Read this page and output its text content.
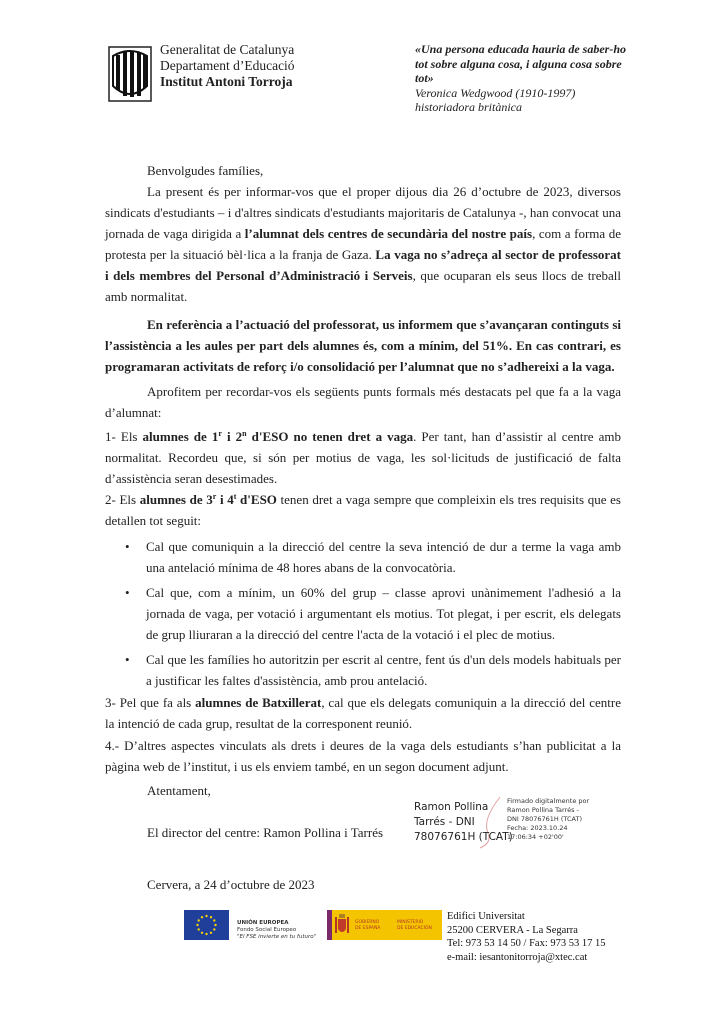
Generalitat de Catalunya
Departament d’Educació
Institut Antoni Torroja
«Una persona educada hauria de saber-ho tot sobre alguna cosa, i alguna cosa sobre tot»
Veronica Wedgwood (1910-1997)
historiadora britànica
Benvolgudes famílies,
La present és per informar-vos que el proper dijous dia 26 d’octubre de 2023, diversos sindicats d'estudiants – i d'altres sindicats d'estudiants majoritaris de Catalunya -, han convocat una jornada de vaga dirigida a l’alumnat dels centres de secundària del nostre país, com a forma de protesta per la situació bèl·lica a la franja de Gaza. La vaga no s’adreça al sector de professorat i dels membres del Personal d’Administració i Serveis, que ocuparan els seus llocs de treball amb normalitat.
En referència a l’actuació del professorat, us informem que s’avançaran continguts si l’assistència a les aules per part dels alumnes és, com a mínim, del 51%. En cas contrari, es programaran activitats de reforç i/o consolidació per l’alumnat que no s’adhereixi a la vaga.
Aprofitem per recordar-vos els següents punts formals més destacats pel que fa a la vaga d’alumnat:
1- Els alumnes de 1$^r$ i 2$^n$ d'ESO no tenen dret a vaga. Per tant, han d’assistir al centre amb normalitat. Recordeu que, si són per motius de vaga, les sol·licituds de justificació de falta d’assistència seran desestimades.
2- Els alumnes de 3$^r$ i 4$^t$ d'ESO tenen dret a vaga sempre que compleixin els tres requisits que es detallen tot seguit:
• Cal que comuniquin a la direcció del centre la seva intenció de dur a terme la vaga amb una antelació mínima de 48 hores abans de la convocatòria.
• Cal que, com a mínim, un 60% del grup – classe aprovi unànimement l'adhesió a la jornada de vaga, per votació i argumentant els motius. Tot plegat, i per escrit, els delegats de grup lliuraran a la direcció del centre l'acta de la votació i el plec de motius.
• Cal que les famílies ho autoritzin per escrit al centre, fent ús d'un dels models habituals per a justificar les faltes d'assistència, amb prou antelació.
3- Pel que fa als alumnes de Batxillerat, cal que els delegats comuniquin a la direcció del centre la intenció de cada grup, resultat de la corresponent reunió.
4.- D’altres aspectes vinculats als drets i deures de la vaga dels estudiants s’han publicitat a la pàgina web de l’institut, i us els enviem també, en un segon document adjunt.
Atentament,
El director del centre: Ramon Pollina i Tarrés
Ramon Pollina
Tarrés - DNI
78076761H (TCAT)
Firmado digitalmente por
Ramon Pollina Tarrés -
DNI 78076761H (TCAT)
Fecha: 2023.10.24
17:06:34 +02'00'
Cervera, a 24 d’octubre de 2023
UNIÓN EUROPEA
Fondo Social Europeo
"El FSE invierte en tu futuro"
GOBIERNO
DE ESPAÑA
MINISTERIO
DE EDUCACIÓN
Edifici Universitat
25200 CERVERA - La Segarra
Tel: 973 53 14 50 / Fax: 973 53 17 15
e-mail: iesantonitorroja@xtec.cat
